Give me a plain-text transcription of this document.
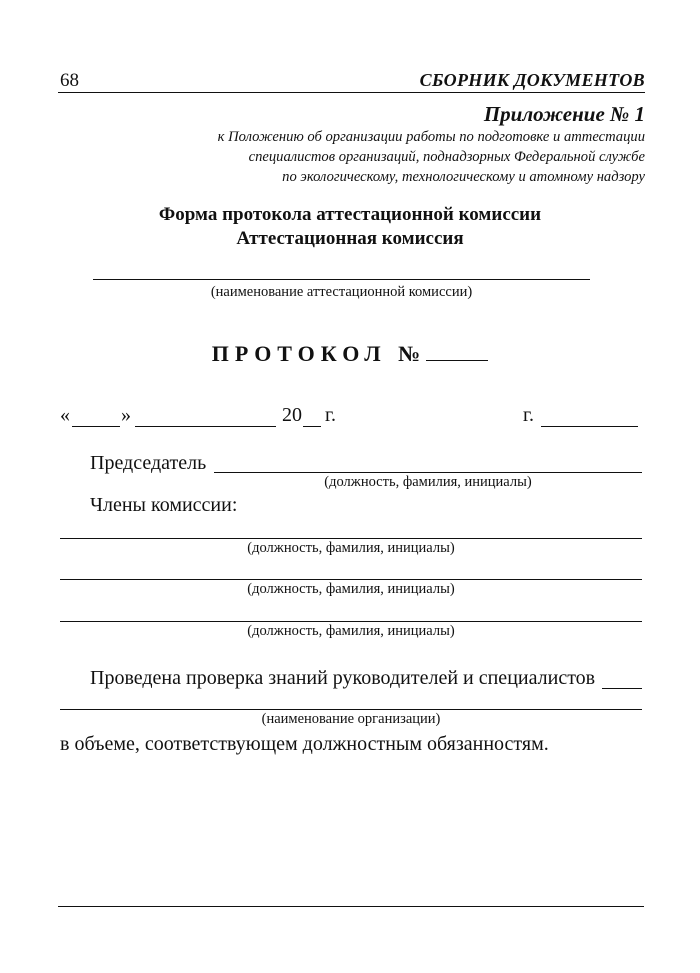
68	СБОРНИК ДОКУМЕНТОВ
Приложение № 1
к Положению об организации работы по подготовке и аттестации
специалистов организаций, поднадзорных Федеральной службе
по экологическому, технологическому и атомному надзору
Форма протокола аттестационной комиссии
Аттестационная комиссия
(наименование аттестационной комиссии)
ПРОТОКОЛ №
«	»	20 г.	г.
Председатель
(должность, фамилия, инициалы)
Члены комиссии:
(должность, фамилия, инициалы)
(должность, фамилия, инициалы)
(должность, фамилия, инициалы)
Проведена проверка знаний руководителей и специалистов
(наименование организации)
в объеме, соответствующем должностным обязанностям.
